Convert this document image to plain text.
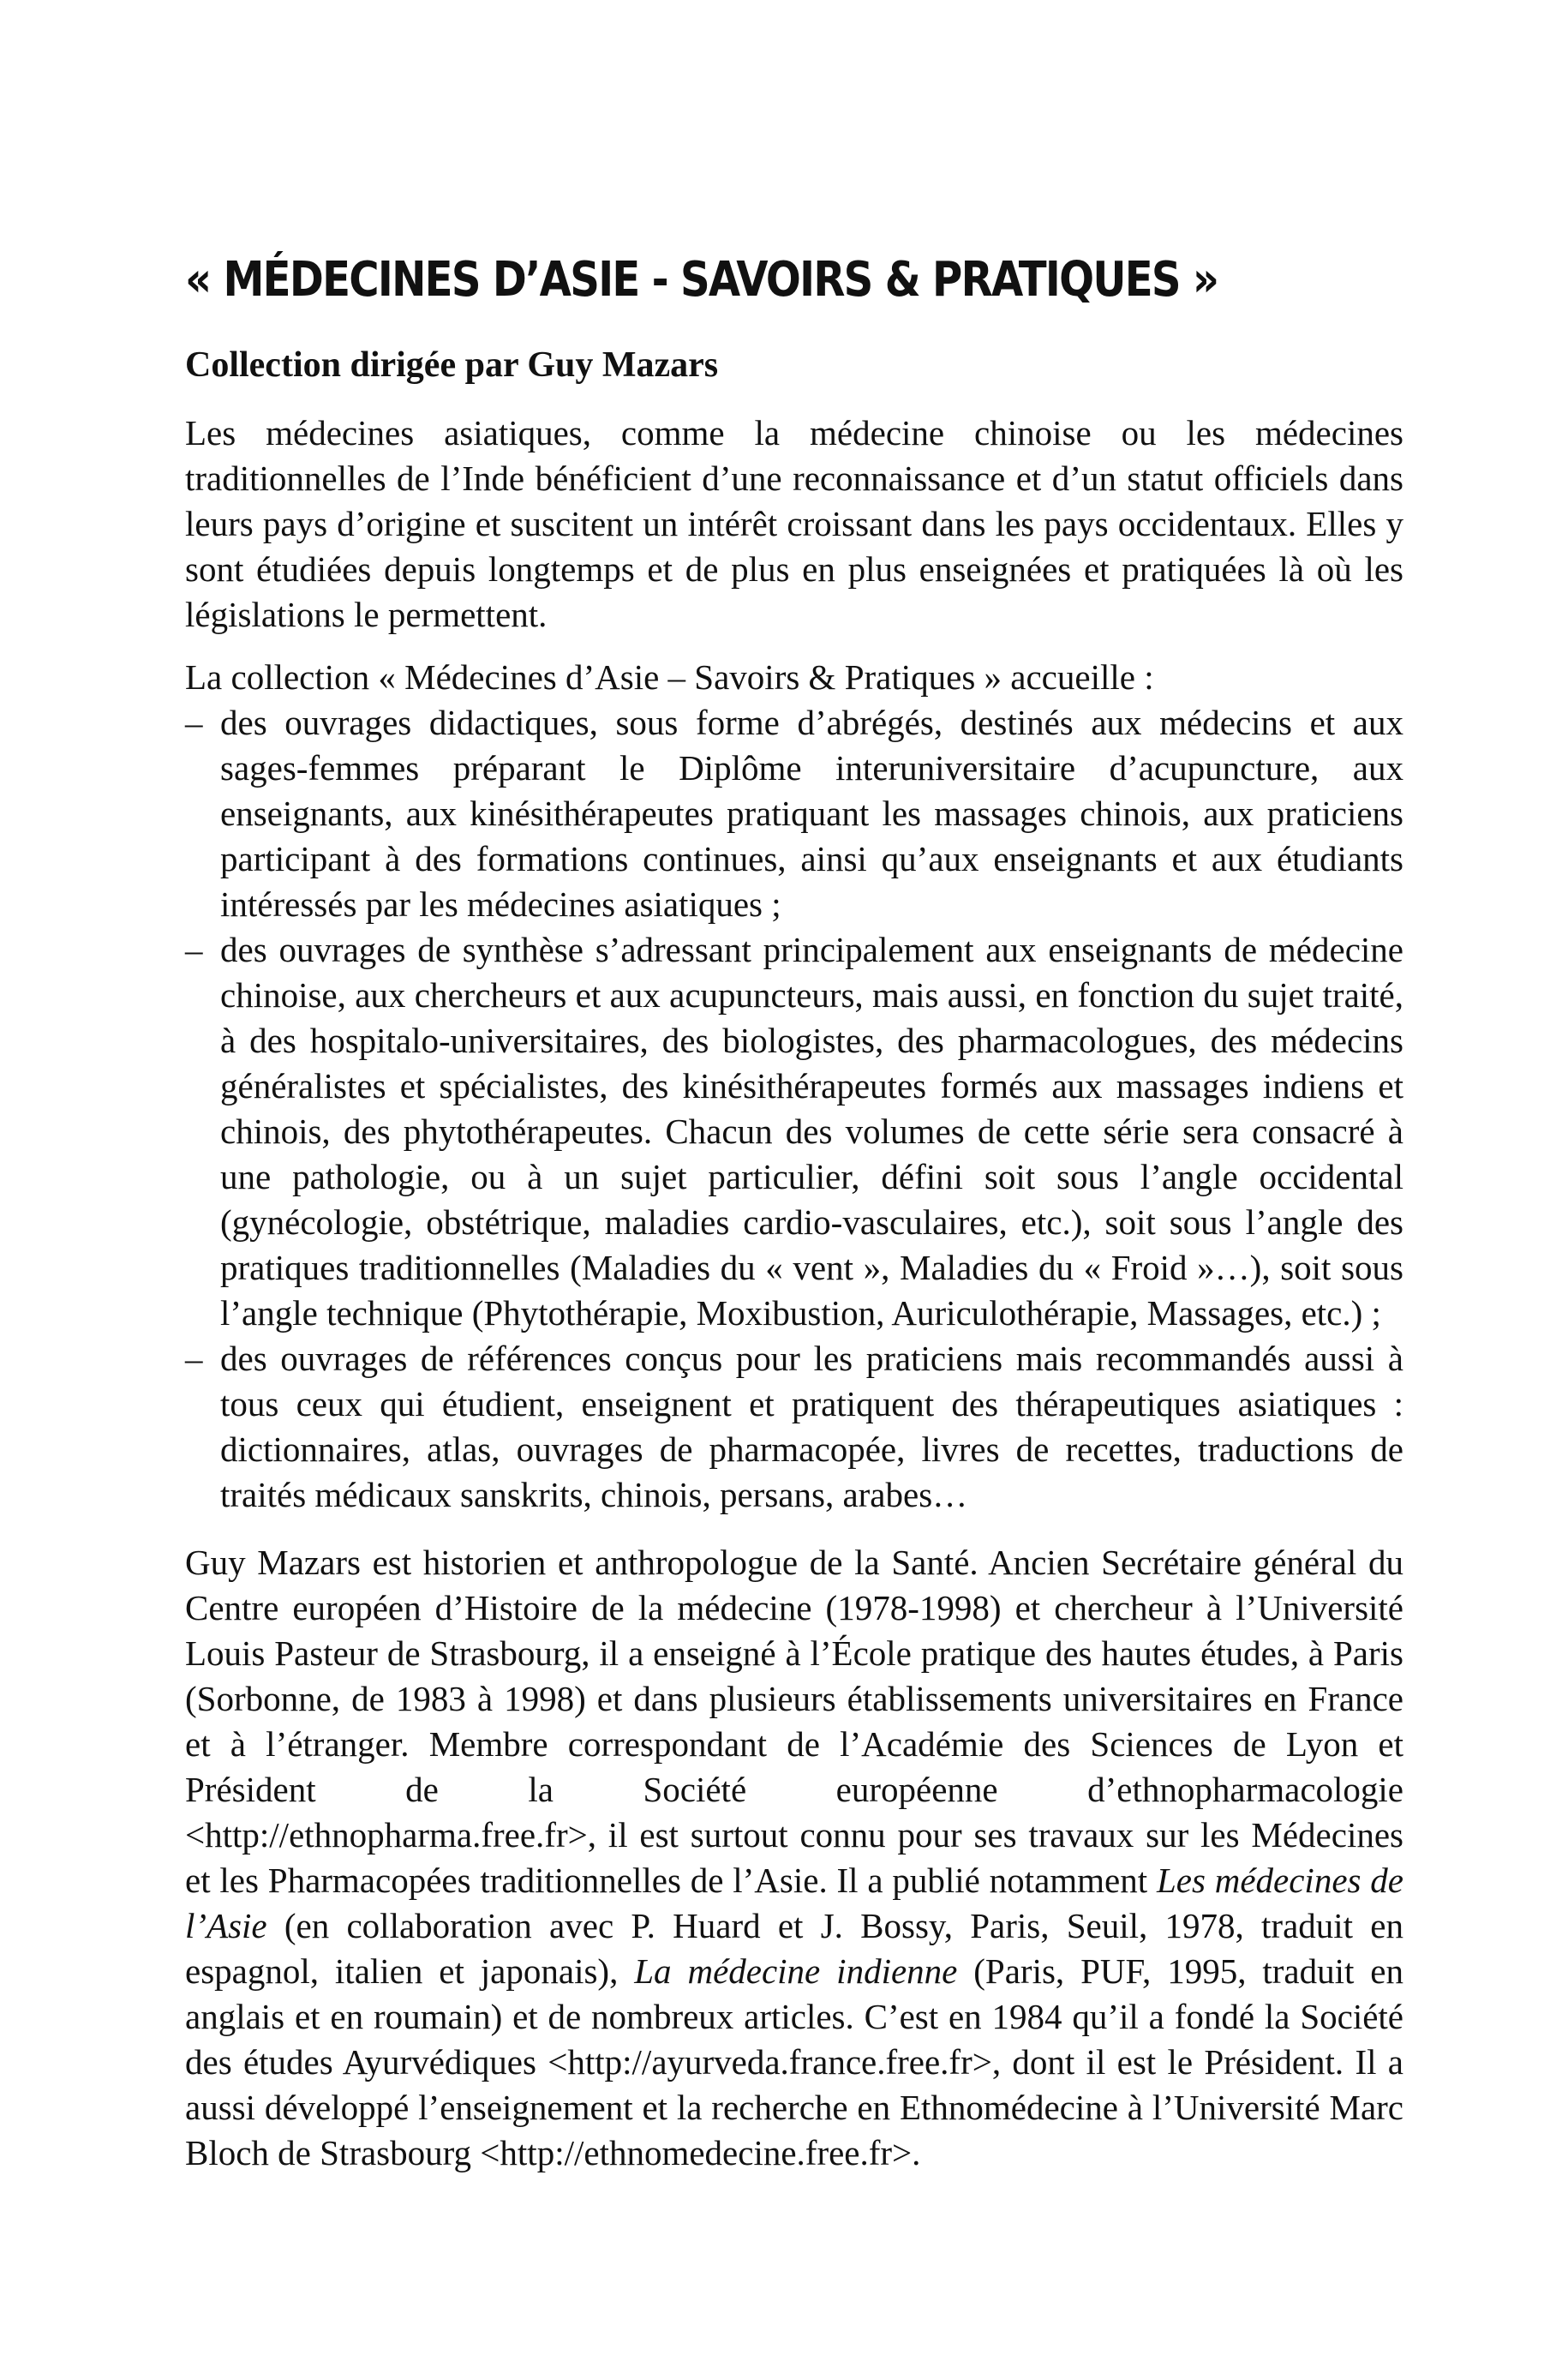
« MÉDECINES D’ASIE - SAVOIRS & PRATIQUES »
Collection dirigée par Guy Mazars

Les médecines asiatiques, comme la médecine chinoise ou les médecines traditionnelles de l’Inde bénéficient d’une reconnaissance et d’un statut officiels dans leurs pays d’origine et suscitent un intérêt croissant dans les pays occidentaux. Elles y sont étudiées depuis longtemps et de plus en plus enseignées et pratiquées là où les législations le permettent.

La collection « Médecines d’Asie – Savoirs & Pratiques » accueille :

– des ouvrages didactiques, sous forme d’abrégés, destinés aux médecins et aux sages-femmes préparant le Diplôme interuniversitaire d’acupuncture, aux enseignants, aux kinésithérapeutes pratiquant les massages chinois, aux praticiens participant à des formations continues, ainsi qu’aux enseignants et aux étudiants intéressés par les médecines asiatiques ;
– des ouvrages de synthèse s’adressant principalement aux enseignants de médecine chinoise, aux chercheurs et aux acupuncteurs, mais aussi, en fonction du sujet traité, à des hospitalo-universitaires, des biologistes, des pharmacologues, des médecins généralistes et spécialistes, des kinésithérapeutes formés aux massages indiens et chinois, des phytothérapeutes. Chacun des volumes de cette série sera consacré à une pathologie, ou à un sujet particulier, défini soit sous l’angle occidental (gynécologie, obstétrique, maladies cardio-vasculaires, etc.), soit sous l’angle des pratiques traditionnelles (Maladies du « vent », Maladies du « Froid »…), soit sous l’angle technique (Phytothérapie, Moxibustion, Auriculothérapie, Massages, etc.) ;
– des ouvrages de références conçus pour les praticiens mais recommandés aussi à tous ceux qui étudient, enseignent et pratiquent des thérapeutiques asiatiques : dictionnaires, atlas, ouvrages de pharmacopée, livres de recettes, traductions de traités médicaux sanskrits, chinois, persans, arabes…

Guy Mazars est historien et anthropologue de la Santé. Ancien Secrétaire général du Centre européen d’Histoire de la médecine (1978-1998) et chercheur à l’Université Louis Pasteur de Strasbourg, il a enseigné à l’École pratique des hautes études, à Paris (Sorbonne, de 1983 à 1998) et dans plusieurs établissements universitaires en France et à l’étranger. Membre correspondant de l’Académie des Sciences de Lyon et Président de la Société européenne d’ethnopharmacologie <http://ethnopharma.free.fr>, il est surtout connu pour ses travaux sur les Médecines et les Pharmacopées traditionnelles de l’Asie. Il a publié notamment Les médecines de l’Asie (en collaboration avec P. Huard et J. Bossy, Paris, Seuil, 1978, traduit en espagnol, italien et japonais), La médecine indienne (Paris, PUF, 1995, traduit en anglais et en roumain) et de nombreux articles. C’est en 1984 qu’il a fondé la Société des études Ayurvédiques <http://ayurveda.france.free.fr>, dont il est le Président. Il a aussi développé l’enseignement et la recherche en Ethnomédecine à l’Université Marc Bloch de Strasbourg <http://ethnomedecine.free.fr>.
